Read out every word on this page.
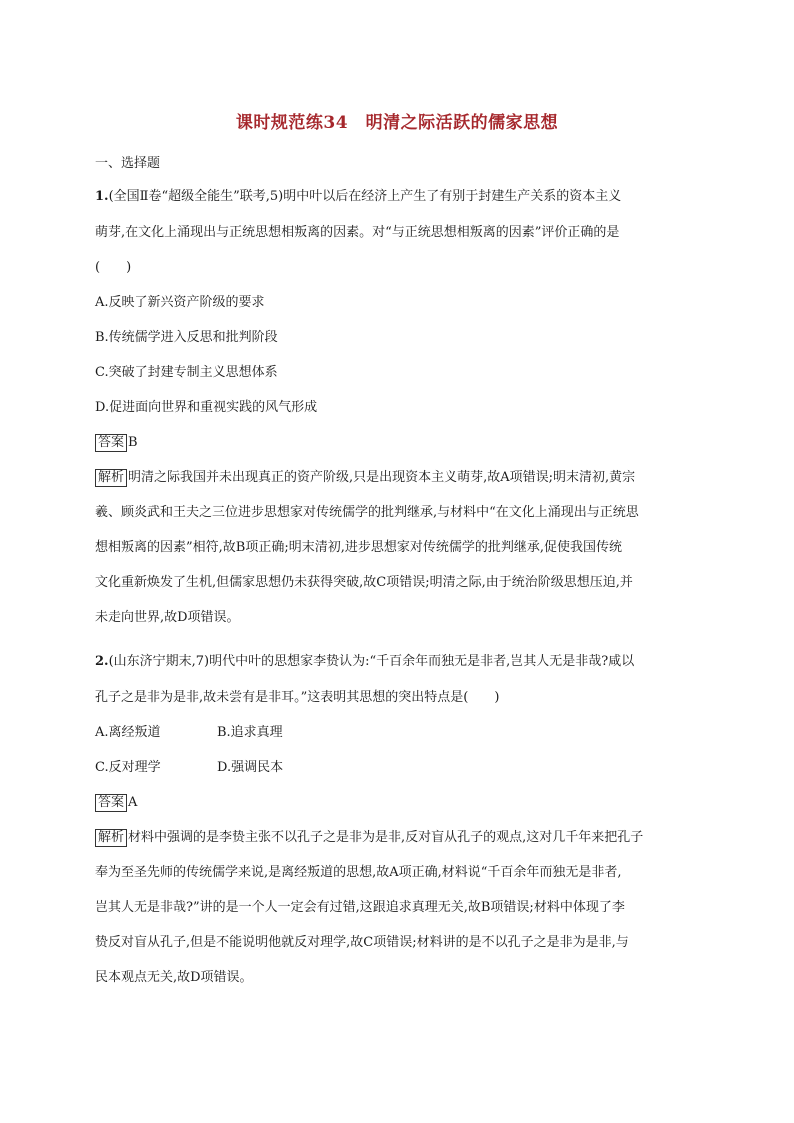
课时规范练34　明清之际活跃的儒家思想
一、选择题
1.(全国Ⅱ卷“超级全能生”联考,5)明中叶以后在经济上产生了有别于封建生产关系的资本主义
萌芽,在文化上涌现出与正统思想相叛离的因素。对“与正统思想相叛离的因素”评价正确的是
(　　)
A.反映了新兴资产阶级的要求
B.传统儒学进入反思和批判阶段
C.突破了封建专制主义思想体系
D.促进面向世界和重视实践的风气形成
答案 B
解析 明清之际我国并未出现真正的资产阶级,只是出现资本主义萌芽,故A项错误;明末清初,黄宗
羲、顾炎武和王夫之三位进步思想家对传统儒学的批判继承,与材料中“在文化上涌现出与正统思
想相叛离的因素”相符,故B项正确;明末清初,进步思想家对传统儒学的批判继承,促使我国传统
文化重新焕发了生机,但儒家思想仍未获得突破,故C项错误;明清之际,由于统治阶级思想压迫,并
未走向世界,故D项错误。
2.(山东济宁期末,7)明代中叶的思想家李贽认为:“千百余年而独无是非者,岂其人无是非哉?咸以
孔子之是非为是非,故未尝有是非耳。”这表明其思想的突出特点是(　　)
A.离经叛道	B.追求真理
C.反对理学	D.强调民本
答案 A
解析 材料中强调的是李贽主张不以孔子之是非为是非,反对盲从孔子的观点,这对几千年来把孔子
奉为至圣先师的传统儒学来说,是离经叛道的思想,故A项正确,材料说“千百余年而独无是非者,
岂其人无是非哉?”讲的是一个人一定会有过错,这跟追求真理无关,故B项错误;材料中体现了李
贽反对盲从孔子,但是不能说明他就反对理学,故C项错误;材料讲的是不以孔子之是非为是非,与
民本观点无关,故D项错误。
